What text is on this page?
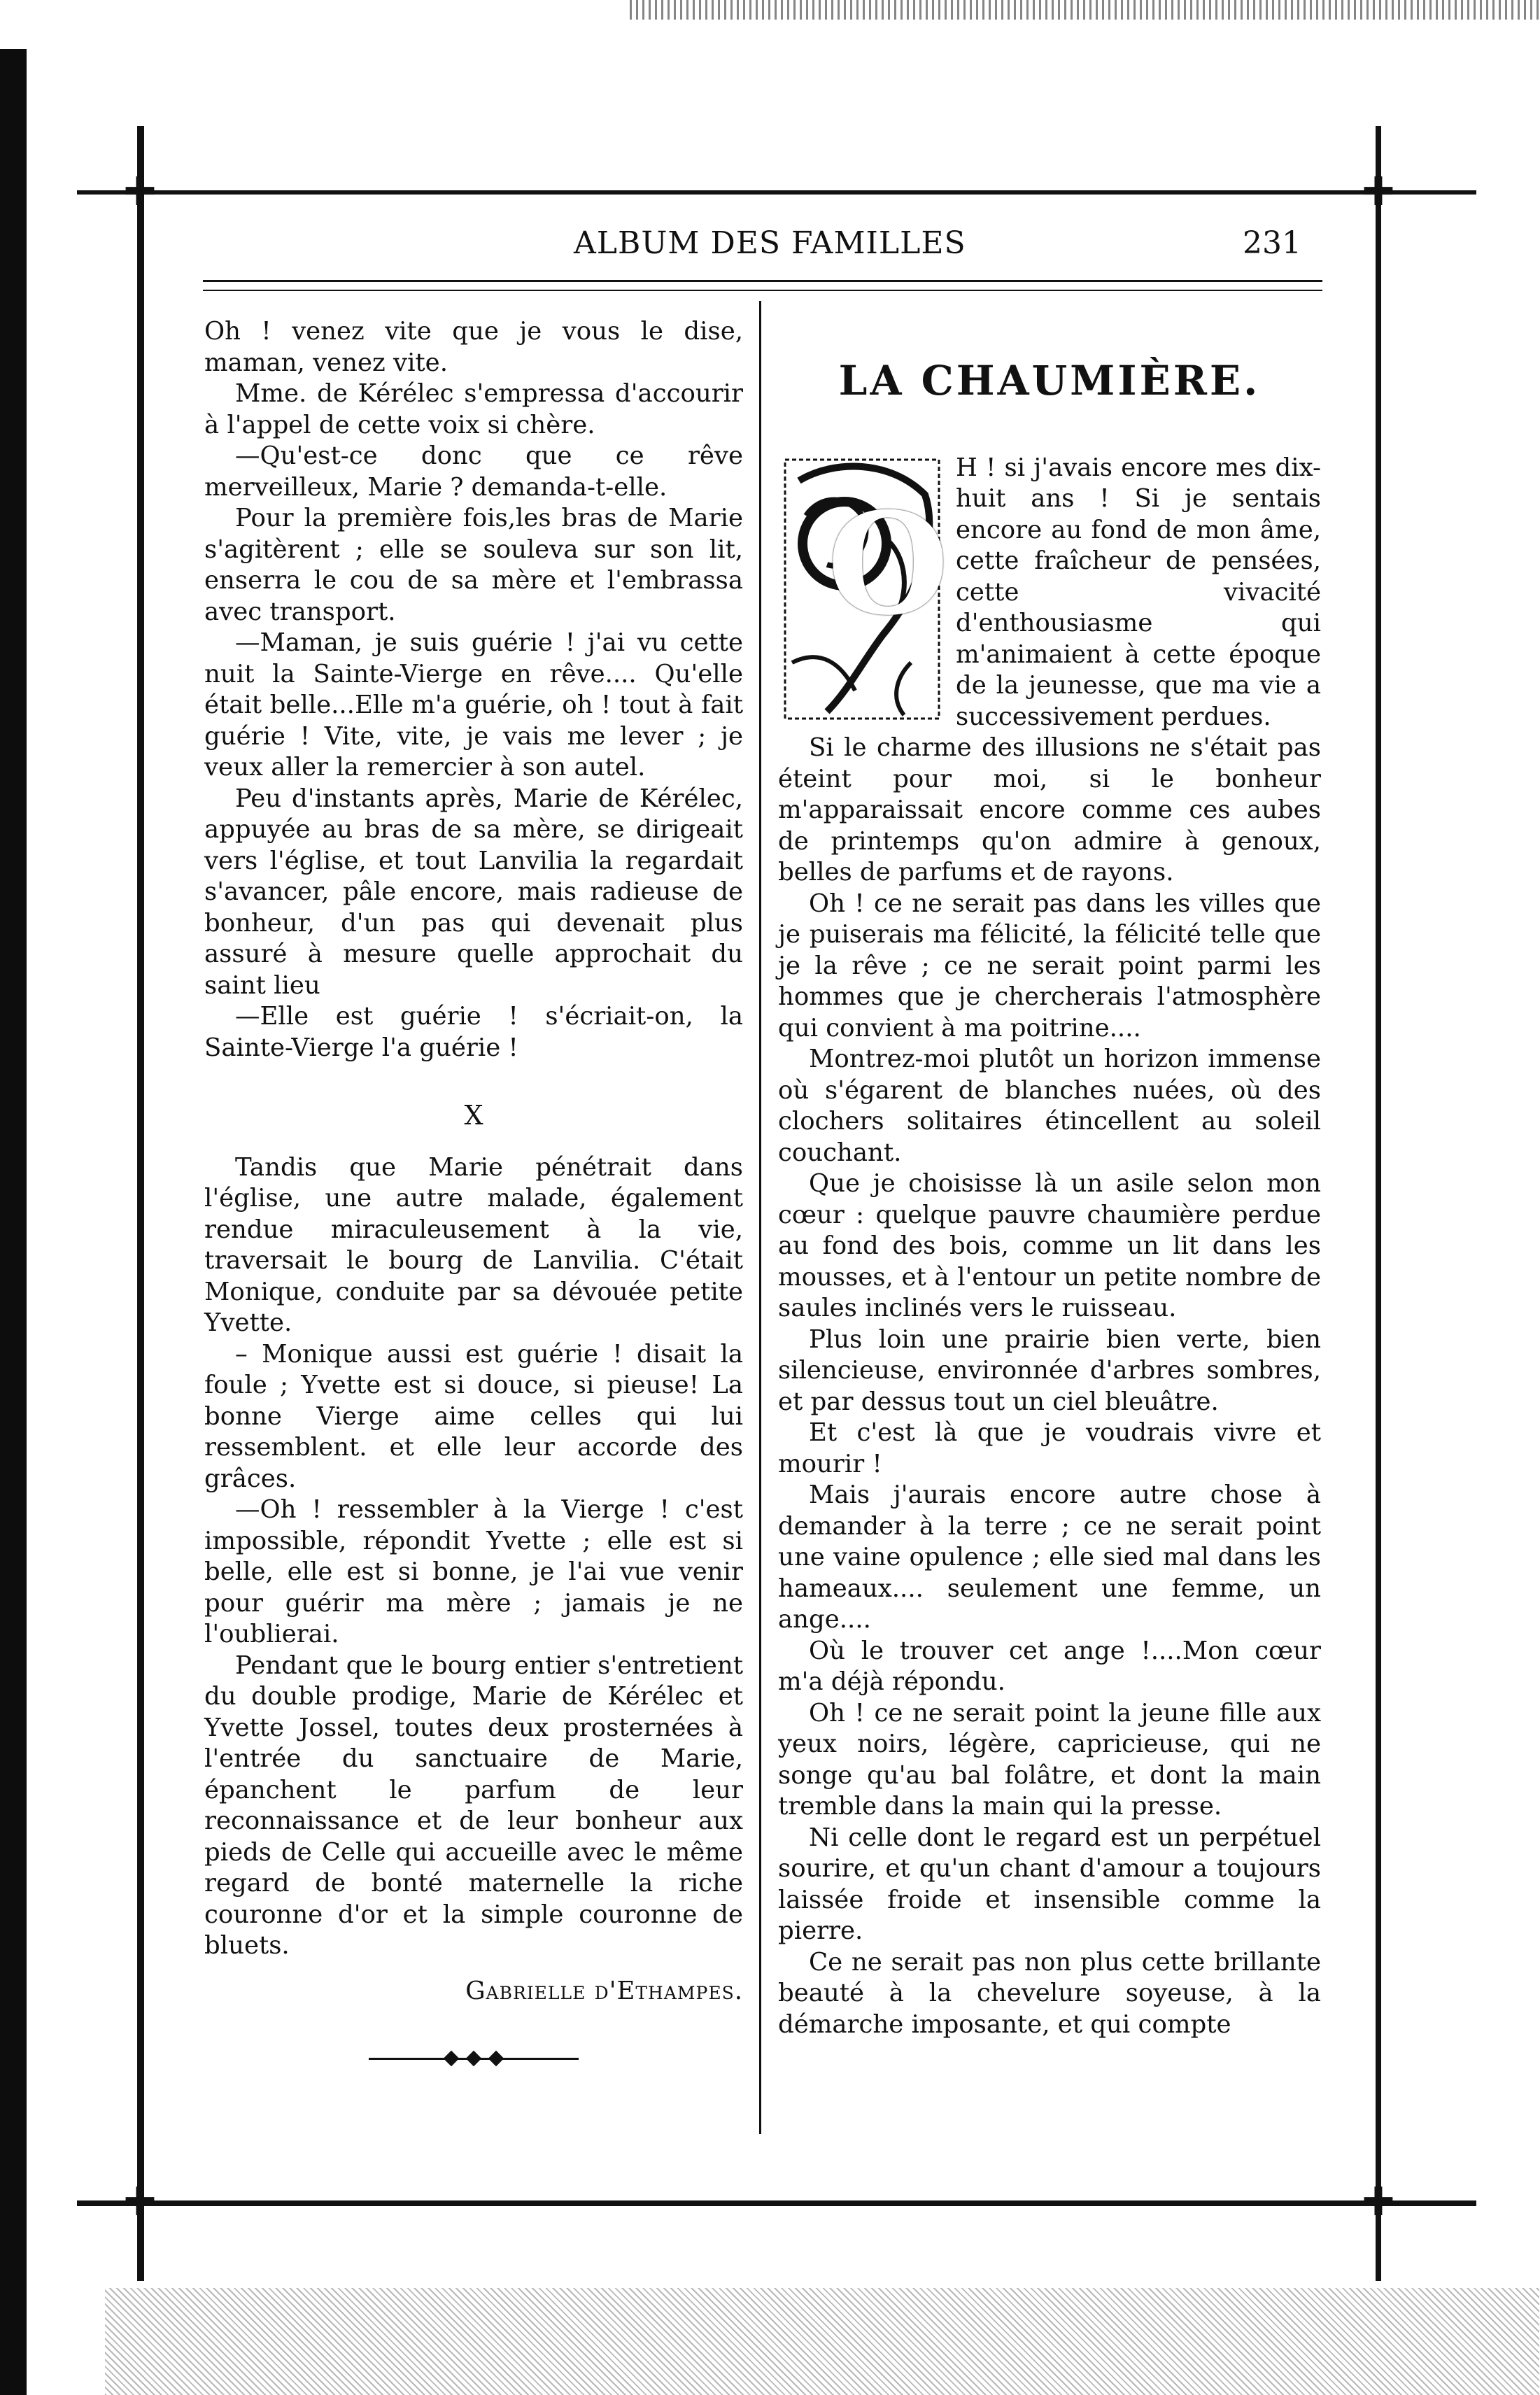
✚	✚
✚	✚
ALBUM DES FAMILLES	231

Oh ! venez vite que je vous le dise, maman, venez vite.

Mme. de Kérélec s'empressa d'accourir à l'appel de cette voix si chère.

—Qu'est-ce donc que ce rêve merveilleux, Marie ? demanda-t-elle.

Pour la première fois,les bras de Marie s'agitèrent ; elle se souleva sur son lit, enserra le cou de sa mère et l'embrassa avec transport.

—Maman, je suis guérie ! j'ai vu cette nuit la Sainte-Vierge en rêve.... Qu'elle était belle...Elle m'a guérie, oh ! tout à fait guérie ! Vite, vite, je vais me lever ; je veux aller la remercier à son autel.

Peu d'instants après, Marie de Kérélec, appuyée au bras de sa mère, se dirigeait vers l'église, et tout Lanvilia la regardait s'avancer, pâle encore, mais radieuse de bonheur, d'un pas qui devenait plus assuré à mesure quelle approchait du saint lieu

—Elle est guérie ! s'écriait-on, la Sainte-Vierge l'a guérie !

X

Tandis que Marie pénétrait dans l'église, une autre malade, également rendue miraculeusement à la vie, traversait le bourg de Lanvilia. C'était Monique, conduite par sa dévouée petite Yvette.

– Monique aussi est guérie ! disait la foule ; Yvette est si douce, si pieuse! La bonne Vierge aime celles qui lui ressemblent. et elle leur accorde des grâces.

—Oh ! ressembler à la Vierge ! c'est impossible, répondit Yvette ; elle est si belle, elle est si bonne, je l'ai vue venir pour guérir ma mère ; jamais je ne l'oublierai.

Pendant que le bourg entier s'entretient du double prodige, Marie de Kérélec et Yvette Jossel, toutes deux prosternées à l'entrée du sanctuaire de Marie, épanchent le parfum de leur reconnaissance et de leur bonheur aux pieds de Celle qui accueille avec le même regard de bonté maternelle la riche couronne d'or et la simple couronne de bluets.

Gabrielle d'Ethampes.

LA CHAUMIÈRE.

O

H ! si j'avais encore mes dix-huit ans ! Si je sentais encore au fond de mon âme, cette fraîcheur de pensées, cette vivacité d'enthousiasme qui m'animaient à cette époque de la jeunesse, que ma vie a successivement perdues.

Si le charme des illusions ne s'était pas éteint pour moi, si le bonheur m'apparaissait encore comme ces aubes de printemps qu'on admire à genoux, belles de parfums et de rayons.

Oh ! ce ne serait pas dans les villes que je puiserais ma félicité, la félicité telle que je la rêve ; ce ne serait point parmi les hommes que je chercherais l'atmosphère qui convient à ma poitrine....

Montrez-moi plutôt un horizon immense où s'égarent de blanches nuées, où des clochers solitaires étincellent au soleil couchant.

Que je choisisse là un asile selon mon cœur : quelque pauvre chaumière perdue au fond des bois, comme un lit dans les mousses, et à l'entour un petite nombre de saules inclinés vers le ruisseau.

Plus loin une prairie bien verte, bien silencieuse, environnée d'arbres sombres, et par dessus tout un ciel bleuâtre.

Et c'est là que je voudrais vivre et mourir !

Mais j'aurais encore autre chose à demander à la terre ; ce ne serait point une vaine opulence ; elle sied mal dans les hameaux.... seulement une femme, un ange....

Où le trouver cet ange !....Mon cœur m'a déjà répondu.

Oh ! ce ne serait point la jeune fille aux yeux noirs, légère, capricieuse, qui ne songe qu'au bal folâtre, et dont la main tremble dans la main qui la presse.

Ni celle dont le regard est un perpétuel sourire, et qu'un chant d'amour a toujours laissée froide et insensible comme la pierre.

Ce ne serait pas non plus cette brillante beauté à la chevelure soyeuse, à la démarche imposante, et qui compte
